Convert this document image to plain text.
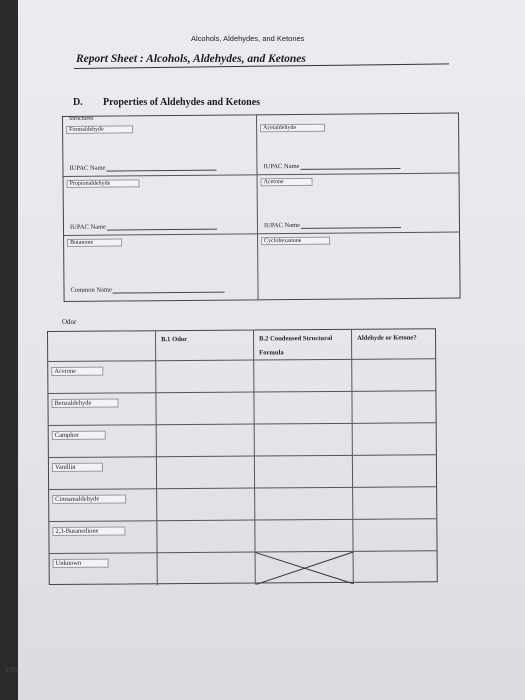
Alcohols, Aldehydes, and Ketones
Report Sheet : Alcohols, Aldehydes, and Ketones
D. Properties of Aldehydes and Ketones
Structures
Formaldehyde
IUPAC Name
Acetaldehyde
IUPAC Name
Propionaldehyde
IUPAC Name
Acetone
IUPAC Name
Butanone
Common Name
Cyclohexanone
Odor
B.1 Odor	B.2 Condensed Structural Formula
Aldehyde or Ketone?
Acetone
Benzaldehyde
Camphor
Vanillin
Cinnamaldehyde
2,3-Butanedione
Unknown
196
